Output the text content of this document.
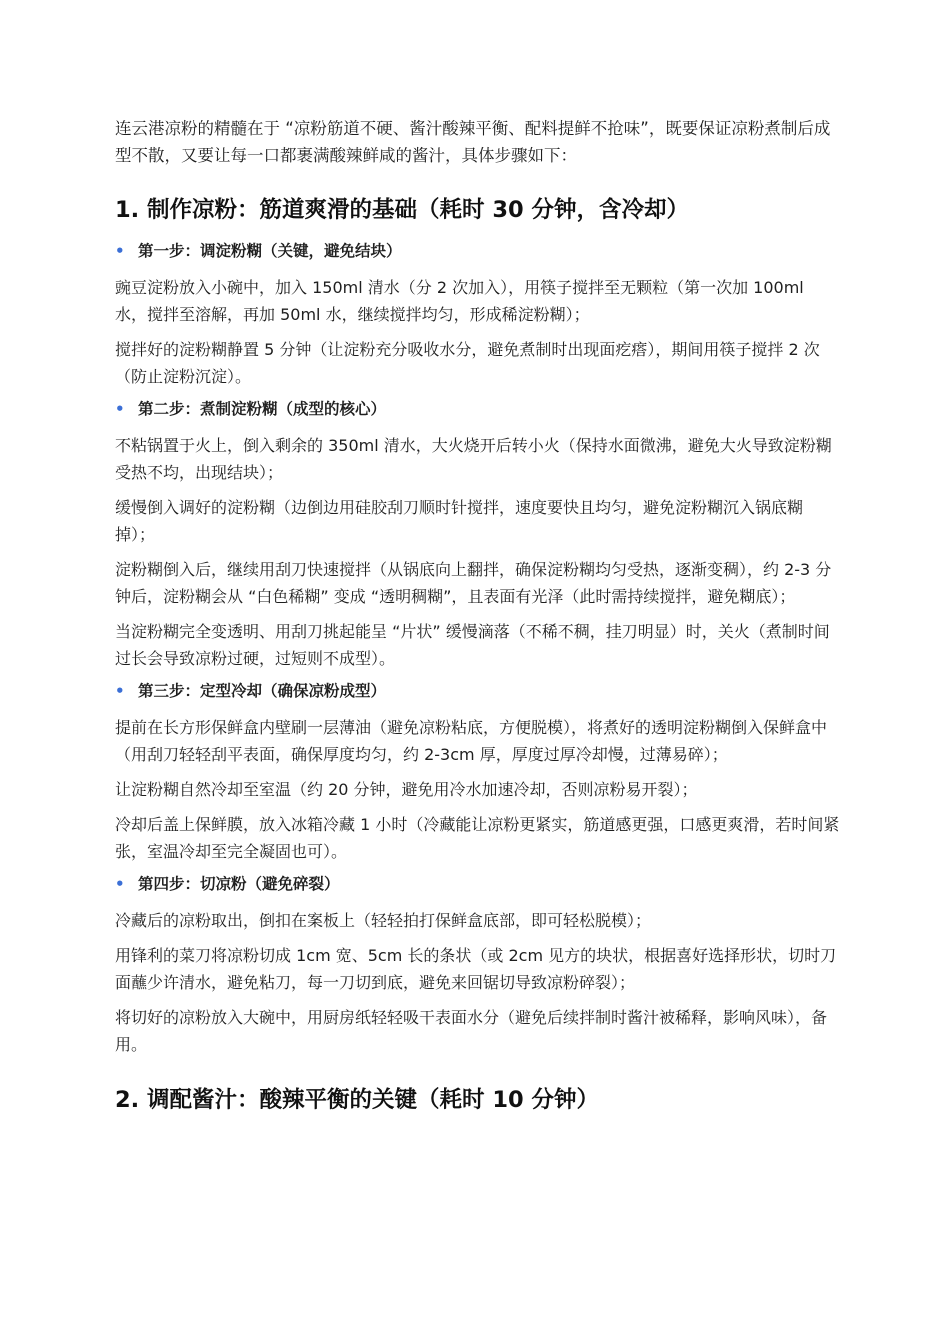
连云港凉粉的精髓在于 “凉粉筋道不硬、酱汁酸辣平衡、配料提鲜不抢味”，既要保证凉粉煮制后成型不散，又要让每一口都裹满酸辣鲜咸的酱汁，具体步骤如下：

1. 制作凉粉：筋道爽滑的基础（耗时 30 分钟，含冷却）
• 第一步：调淀粉糊（关键，避免结块）

豌豆淀粉放入小碗中，加入 150ml 清水（分 2 次加入），用筷子搅拌至无颗粒（第一次加 100ml 水，搅拌至溶解，再加 50ml 水，继续搅拌均匀，形成稀淀粉糊）；

搅拌好的淀粉糊静置 5 分钟（让淀粉充分吸收水分，避免煮制时出现面疙瘩），期间用筷子搅拌 2 次（防止淀粉沉淀）。

• 第二步：煮制淀粉糊（成型的核心）

不粘锅置于火上，倒入剩余的 350ml 清水，大火烧开后转小火（保持水面微沸，避免大火导致淀粉糊受热不均，出现结块）；

缓慢倒入调好的淀粉糊（边倒边用硅胶刮刀顺时针搅拌，速度要快且均匀，避免淀粉糊沉入锅底糊掉）；

淀粉糊倒入后，继续用刮刀快速搅拌（从锅底向上翻拌，确保淀粉糊均匀受热，逐渐变稠），约 2-3 分钟后，淀粉糊会从 “白色稀糊” 变成 “透明稠糊”，且表面有光泽（此时需持续搅拌，避免糊底）；

当淀粉糊完全变透明、用刮刀挑起能呈 “片状” 缓慢滴落（不稀不稠，挂刀明显）时，关火（煮制时间过长会导致凉粉过硬，过短则不成型）。

• 第三步：定型冷却（确保凉粉成型）

提前在长方形保鲜盒内壁刷一层薄油（避免凉粉粘底，方便脱模），将煮好的透明淀粉糊倒入保鲜盒中（用刮刀轻轻刮平表面，确保厚度均匀，约 2-3cm 厚，厚度过厚冷却慢，过薄易碎）；

让淀粉糊自然冷却至室温（约 20 分钟，避免用冷水加速冷却，否则凉粉易开裂）；

冷却后盖上保鲜膜，放入冰箱冷藏 1 小时（冷藏能让凉粉更紧实，筋道感更强，口感更爽滑，若时间紧张，室温冷却至完全凝固也可）。

• 第四步：切凉粉（避免碎裂）

冷藏后的凉粉取出，倒扣在案板上（轻轻拍打保鲜盒底部，即可轻松脱模）；

用锋利的菜刀将凉粉切成 1cm 宽、5cm 长的条状（或 2cm 见方的块状，根据喜好选择形状，切时刀面蘸少许清水，避免粘刀，每一刀切到底，避免来回锯切导致凉粉碎裂）；

将切好的凉粉放入大碗中，用厨房纸轻轻吸干表面水分（避免后续拌制时酱汁被稀释，影响风味），备用。

2. 调配酱汁：酸辣平衡的关键（耗时 10 分钟）
